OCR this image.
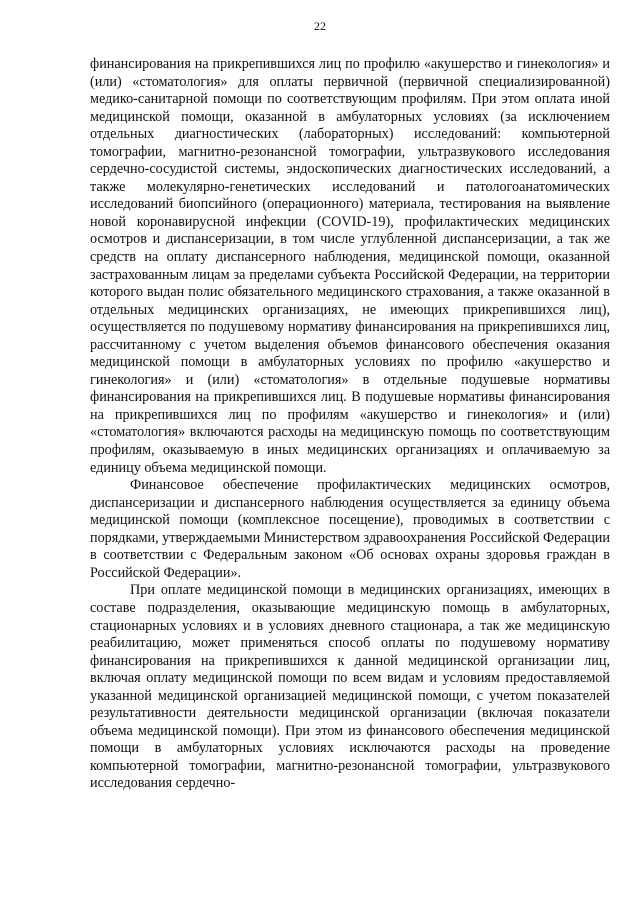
22

финансирования на прикрепившихся лиц по профилю «акушерство и гинекология» и (или) «стоматология» для оплаты первичной (первичной специализированной) медико-санитарной помощи по соответствующим профилям. При этом оплата иной медицинской помощи, оказанной в амбулаторных условиях (за исключением отдельных диагностических (лабораторных) исследований: компьютерной томографии, магнитно-резонансной томографии, ультразвукового исследования сердечно-сосудистой системы, эндоскопических диагностических исследований, а также молекулярно-генетических исследований и патологоанатомических исследований биопсийного (операционного) материала, тестирования на выявление новой коронавирусной инфекции (COVID-19), профилактических медицинских осмотров и диспансеризации, в том числе углубленной диспансеризации, а так же средств на оплату диспансерного наблюдения, медицинской помощи, оказанной застрахованным лицам за пределами субъекта Российской Федерации, на территории которого выдан полис обязательного медицинского страхования, а также оказанной в отдельных медицинских организациях, не имеющих прикрепившихся лиц), осуществляется по подушевому нормативу финансирования на прикрепившихся лиц, рассчитанному с учетом выделения объемов финансового обеспечения оказания медицинской помощи в амбулаторных условиях по профилю «акушерство и гинекология» и (или) «стоматология» в отдельные подушевые нормативы финансирования на прикрепившихся лиц. В подушевые нормативы финансирования на прикрепившихся лиц по профилям «акушерство и гинекология» и (или) «стоматология» включаются расходы на медицинскую помощь по соответствующим профилям, оказываемую в иных медицинских организациях и оплачиваемую за единицу объема медицинской помощи.

Финансовое обеспечение профилактических медицинских осмотров, диспансеризации и диспансерного наблюдения осуществляется за единицу объема медицинской помощи (комплексное посещение), проводимых в соответствии с порядками, утверждаемыми Министерством здравоохранения Российской Федерации в соответствии с Федеральным законом «Об основах охраны здоровья граждан в Российской Федерации».

При оплате медицинской помощи в медицинских организациях, имеющих в составе подразделения, оказывающие медицинскую помощь в амбулаторных, стационарных условиях и в условиях дневного стационара, а так же медицинскую реабилитацию, может применяться способ оплаты по подушевому нормативу финансирования на прикрепившихся к данной медицинской организации лиц, включая оплату медицинской помощи по всем видам и условиям предоставляемой указанной медицинской организацией медицинской помощи, с учетом показателей результативности деятельности медицинской организации (включая показатели объема медицинской помощи). При этом из финансового обеспечения медицинской помощи в амбулаторных условиях исключаются расходы на проведение компьютерной томографии, магнитно-резонансной томографии, ультразвукового исследования сердечно-
